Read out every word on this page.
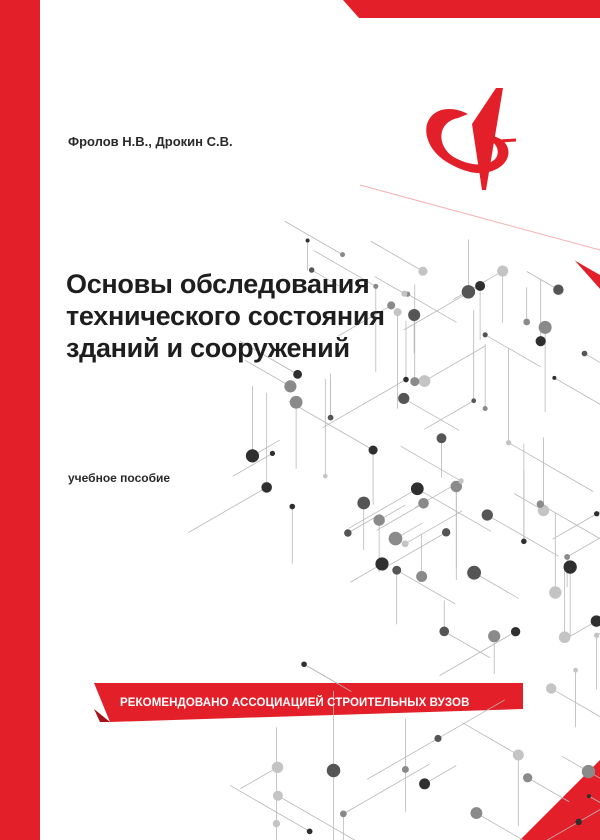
Фролов Н.В., Дрокин С.В.
Основы обследования
технического состояния
зданий и сооружений
учебное пособие
РЕКОМЕНДОВАНО АССОЦИАЦИЕЙ СТРОИТЕЛЬНЫХ ВУЗОВ
